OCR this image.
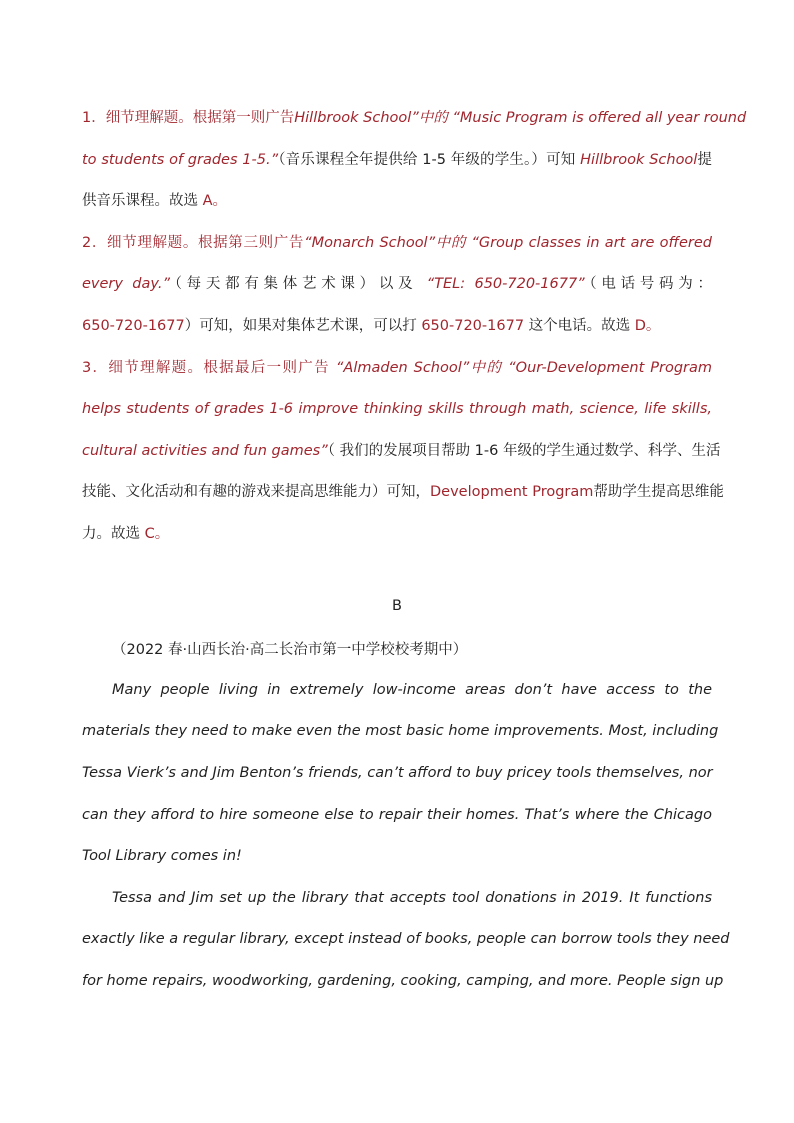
1．细节理解题。根据第一则广告Hillbrook School”中的 “Music Program is offered all year round
to students of grades 1-5.”（音乐课程全年提供给 1-5 年级的学生。）可知 Hillbrook School提
供音乐课程。故选 A。
2．细节理解题。根据第三则广告“Monarch School”中的 “Group classes in art are offered
every day.”（每天都有集体艺术课）以及 “TEL: 650-720-1677”（电话号码为：
650-720-1677）可知，如果对集体艺术课，可以打 650-720-1677 这个电话。故选 D。
3．细节理解题。根据最后一则广告 “Almaden School”中的 “Our-Development Program
helps students of grades 1-6 improve thinking skills through math, science, life skills,
cultural activities and fun games”（ 我们的发展项目帮助 1-6 年级的学生通过数学、科学、生活
技能、文化活动和有趣的游戏来提高思维能力）可知，Development Program帮助学生提高思维能
力。故选 C。
B
（2022 春·山西长治·高二长治市第一中学校校考期中）
Many people living in extremely low-income areas don’t have access to the
materials they need to make even the most basic home improvements. Most, including
Tessa Vierk’s and Jim Benton’s friends, can’t afford to buy pricey tools themselves, nor
can they afford to hire someone else to repair their homes. That’s where the Chicago
Tool Library comes in!
Tessa and Jim set up the library that accepts tool donations in 2019. It functions
exactly like a regular library, except instead of books, people can borrow tools they need
for home repairs, woodworking, gardening, cooking, camping, and more. People sign up
